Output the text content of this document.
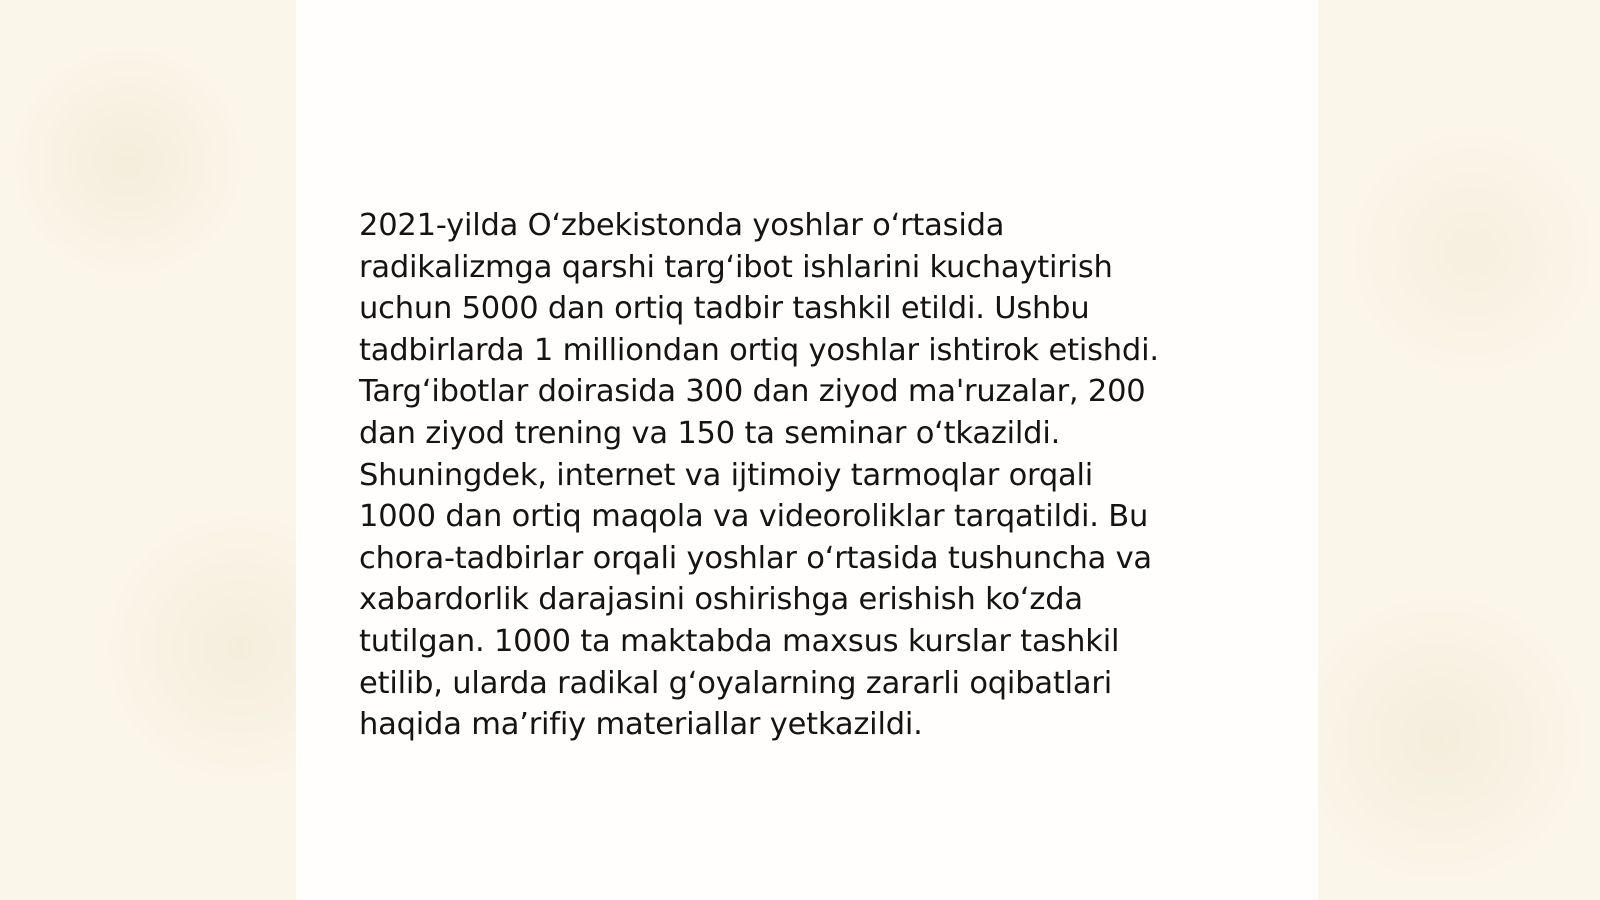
2021-yilda O‘zbekistonda yoshlar o‘rtasida
radikalizmga qarshi targ‘ibot ishlarini kuchaytirish
uchun 5000 dan ortiq tadbir tashkil etildi. Ushbu
tadbirlarda 1 milliondan ortiq yoshlar ishtirok etishdi.
Targ‘ibotlar doirasida 300 dan ziyod ma'ruzalar, 200
dan ziyod trening va 150 ta seminar o‘tkazildi.
Shuningdek, internet va ijtimoiy tarmoqlar orqali
1000 dan ortiq maqola va videoroliklar tarqatildi. Bu
chora-tadbirlar orqali yoshlar o‘rtasida tushuncha va
xabardorlik darajasini oshirishga erishish ko‘zda
tutilgan. 1000 ta maktabda maxsus kurslar tashkil
etilib, ularda radikal g‘oyalarning zararli oqibatlari
haqida ma’rifiy materiallar yetkazildi.
